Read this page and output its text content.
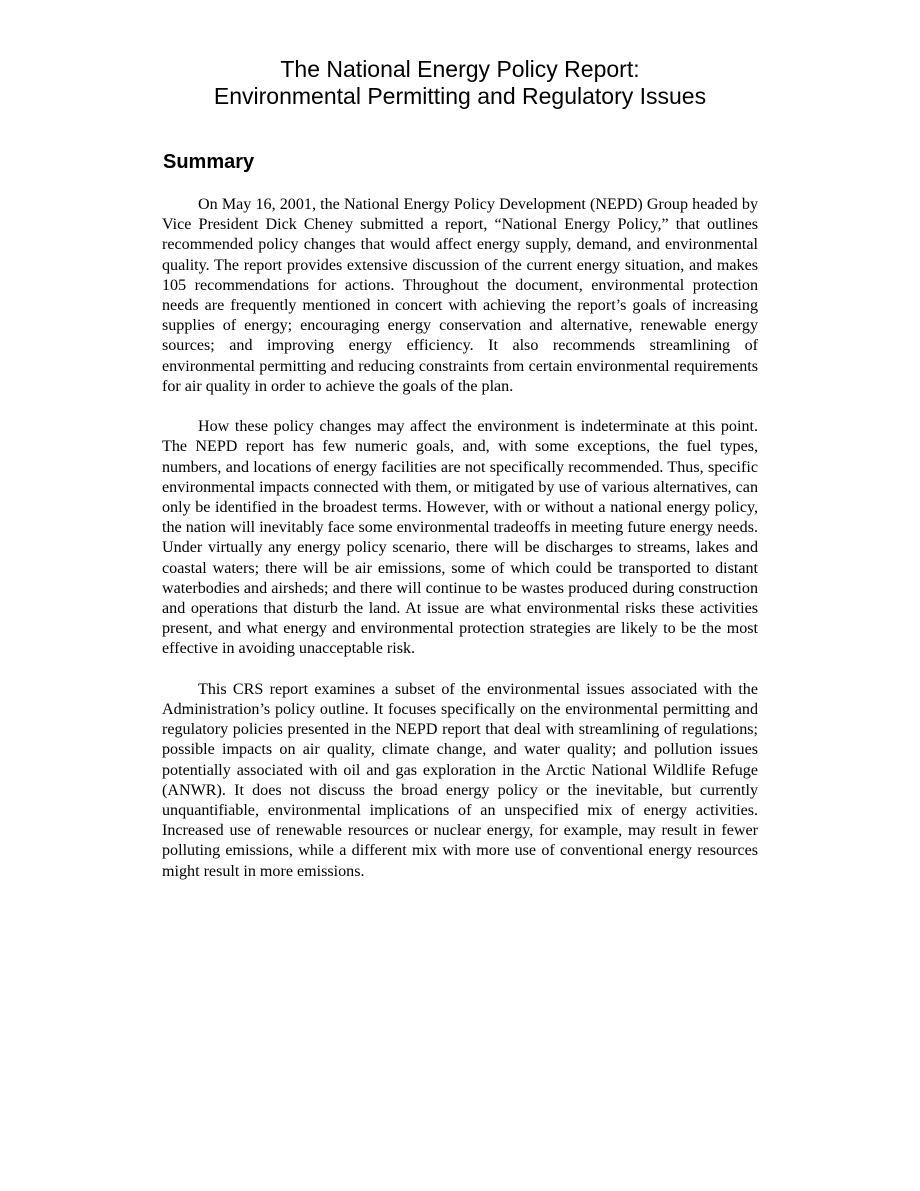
The National Energy Policy Report:
Environmental Permitting and Regulatory Issues
Summary

On May 16, 2001, the National Energy Policy Development (NEPD) Group headed by Vice President Dick Cheney submitted a report, “National Energy Policy,” that outlines recommended policy changes that would affect energy supply, demand, and environmental quality. The report provides extensive discussion of the current energy situation, and makes 105 recommendations for actions. Throughout the document, environmental protection needs are frequently mentioned in concert with achieving the report’s goals of increasing supplies of energy; encouraging energy conservation and alternative, renewable energy sources; and improving energy efficiency. It also recommends streamlining of environmental permitting and reducing constraints from certain environmental requirements for air quality in order to achieve the goals of the plan.

How these policy changes may affect the environment is indeterminate at this point. The NEPD report has few numeric goals, and, with some exceptions, the fuel types, numbers, and locations of energy facilities are not specifically recommended. Thus, specific environmental impacts connected with them, or mitigated by use of various alternatives, can only be identified in the broadest terms. However, with or without a national energy policy, the nation will inevitably face some environmental tradeoffs in meeting future energy needs. Under virtually any energy policy scenario, there will be discharges to streams, lakes and coastal waters; there will be air emissions, some of which could be transported to distant waterbodies and airsheds; and there will continue to be wastes produced during construction and operations that disturb the land. At issue are what environmental risks these activities present, and what energy and environmental protection strategies are likely to be the most effective in avoiding unacceptable risk.

This CRS report examines a subset of the environmental issues associated with the Administration’s policy outline. It focuses specifically on the environmental permitting and regulatory policies presented in the NEPD report that deal with streamlining of regulations; possible impacts on air quality, climate change, and water quality; and pollution issues potentially associated with oil and gas exploration in the Arctic National Wildlife Refuge (ANWR). It does not discuss the broad energy policy or the inevitable, but currently unquantifiable, environmental implications of an unspecified mix of energy activities. Increased use of renewable resources or nuclear energy, for example, may result in fewer polluting emissions, while a different mix with more use of conventional energy resources might result in more emissions.
